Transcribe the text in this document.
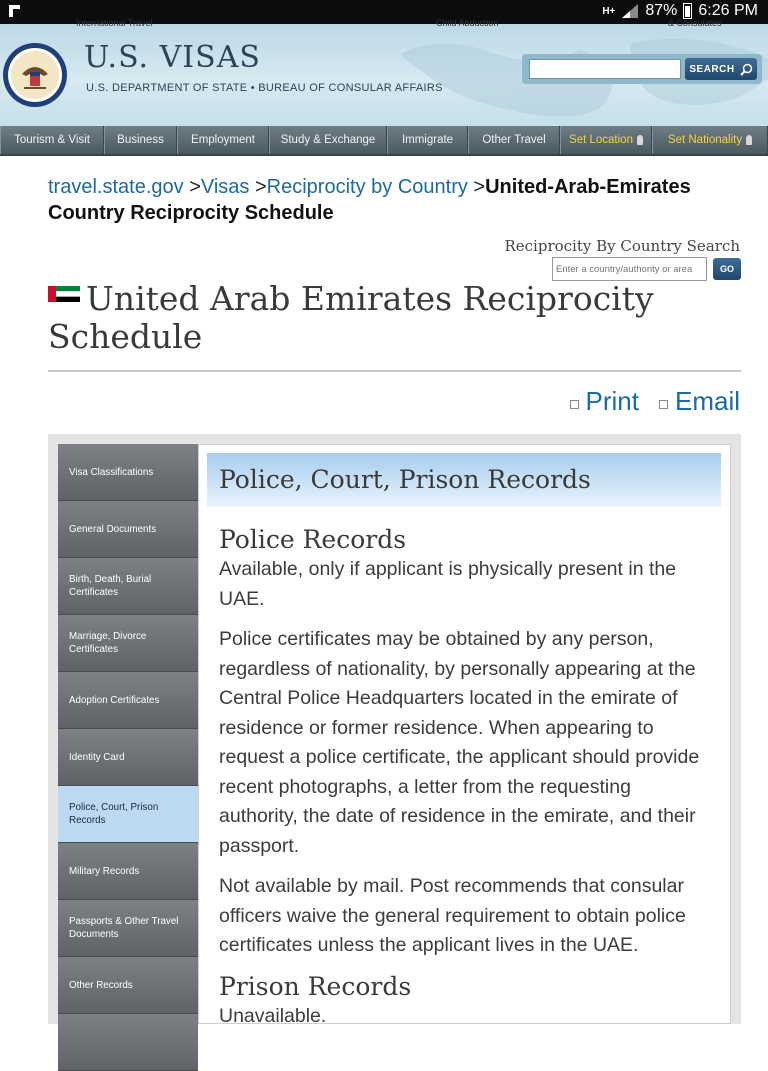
H+ 87% 6:26 PM
International Travel	Child Abduction	& Consulates
U.S. VISAS
U.S. DEPARTMENT OF STATE • BUREAU OF CONSULAR AFFAIRS
SEARCH
Tourism & Visit	Business	Employment	Study & Exchange	Immigrate	Other Travel	Set Location	Set Nationality
travel.state.gov >Visas >Reciprocity by Country >United-Arab-Emirates Country Reciprocity Schedule
Reciprocity By Country Search
Enter a country/authority or area
GO
United Arab Emirates Reciprocity Schedule
Print Email
Visa Classifications
General Documents
Birth, Death, Burial Certificates
Marriage, Divorce Certificates
Adoption Certificates
Identity Card
Police, Court, Prison Records
Military Records
Passports & Other Travel Documents
Other Records
Police, Court, Prison Records
Police Records
Available, only if applicant is physically present in the UAE.
Police certificates may be obtained by any person, regardless of nationality, by personally appearing at the Central Police Headquarters located in the emirate of residence or former residence. When appearing to request a police certificate, the applicant should provide recent photographs, a letter from the requesting authority, the date of residence in the emirate, and their passport.
Not available by mail. Post recommends that consular officers waive the general requirement to obtain police certificates unless the applicant lives in the UAE.
Prison Records
Unavailable.
